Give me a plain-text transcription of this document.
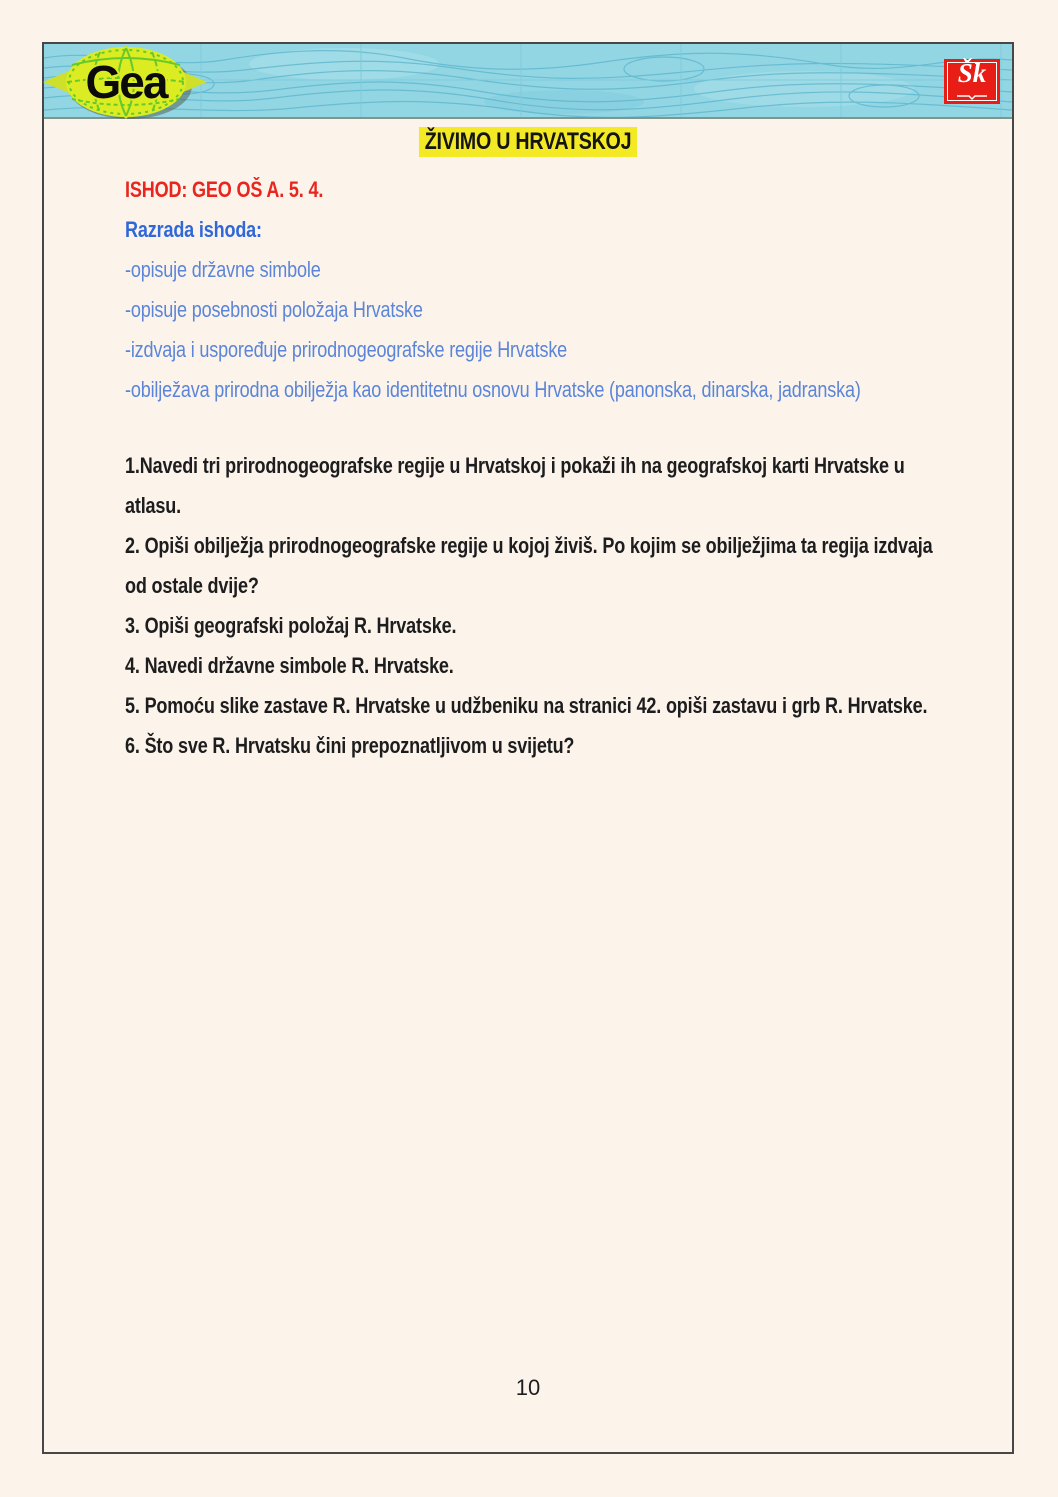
Gea	Šk
ŽIVIMO U HRVATSKOJ

ISHOD: GEO OŠ A. 5. 4.

Razrada ishoda:

-opisuje državne simbole

-opisuje posebnosti položaja Hrvatske

-izdvaja i uspoređuje prirodnogeografske regije Hrvatske

-obilježava prirodna obilježja kao identitetnu osnovu Hrvatske (panonska, dinarska, jadranska)

1.Navedi tri prirodnogeografske regije u Hrvatskoj i pokaži ih na geografskoj karti Hrvatske u atlasu.

2. Opiši obilježja prirodnogeografske regije u kojoj živiš. Po kojim se obilježjima ta regija izdvaja od ostale dvije?

3. Opiši geografski položaj R. Hrvatske.

4. Navedi državne simbole R. Hrvatske.

5. Pomoću slike zastave R. Hrvatske u udžbeniku na stranici 42. opiši zastavu i grb R. Hrvatske.

6. Što sve R. Hrvatsku čini prepoznatljivom u svijetu?

10
